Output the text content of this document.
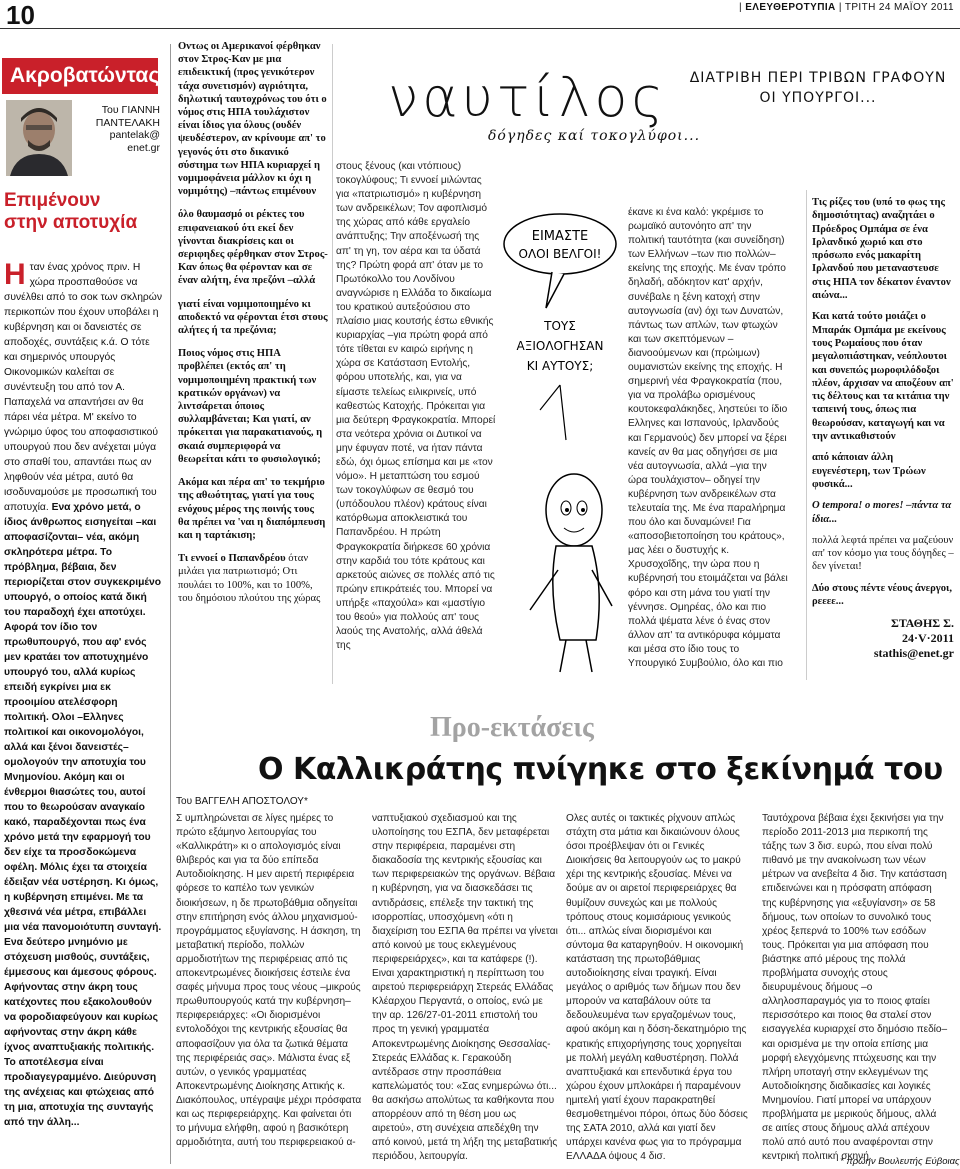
10	| ΕΛΕΥΘΕΡΟΤΥΠΙΑ | ΤΡΙΤΗ 24 ΜΑΪΟΥ 2011
Ακροβατώντας
Του ΓΙΑΝΝΗ
ΠΑΝΤΕΛΑΚΗ
pantelak@
enet.gr
Επιμένουν
στην αποτυχία
Ηταν ένας χρόνος πριν. Η χώρα προσπαθούσε να συνέλθει από το σοκ των σκληρών περικοπών που έχουν υποβάλει η κυβέρνηση και οι δανειστές σε αποδοχές, συντάξεις κ.ά. Ο τότε και σημερινός υπουργός Οικονομικών καλείται σε συνέντευξη του από τον Α. Παπαχελά να απαντήσει αν θα πάρει νέα μέτρα. Μ' εκείνο το γνώριμο ύφος του αποφασιστικού υπουργού που δεν ανέχεται μύγα στο σπαθί του, απαντάει πως αν ληφθούν νέα μέτρα, αυτό θα ισοδυναμούσε με προσωπική του αποτυχία. Ενα χρόνο μετά, ο ίδιος άνθρωπος εισηγείται –και αποφασίζονται– νέα, ακόμη σκληρότερα μέτρα. Το πρόβλημα, βέβαια, δεν περιορίζεται στον συγκεκριμένο υπουργό, ο οποίος κατά δική του παραδοχή έχει αποτύχει. Αφορά τον ίδιο τον πρωθυπουργό, που αφ' ενός μεν κρατάει τον αποτυχημένο υπουργό του, αλλά κυρίως επειδή εγκρίνει μια εκ προοιμίου ατελέσφορη πολιτική. Ολοι –Ελληνες πολιτικοί και οικονομολόγοι, αλλά και ξένοι δανειστές– ομολογούν την αποτυχία του Μνημονίου. Ακόμη και οι ένθερμοι θιασώτες του, αυτοί που το θεωρούσαν αναγκαίο κακό, παραδέχονται πως ένα χρόνο μετά την εφαρμογή του δεν είχε τα προσδοκώμενα οφέλη. Μόλις έχει τα στοιχεία έδειξαν νέα υστέρηση. Κι όμως, η κυβέρνηση επιμένει. Με τα χθεσινά νέα μέτρα, επιβάλλει μια νέα πανομοιότυπη συνταγή. Ενα δεύτερο μνημόνιο με στόχευση μισθούς, συντάξεις, έμμεσους και άμεσους φόρους. Αφήνοντας στην άκρη τους κατέχοντες που εξακολουθούν να φοροδιαφεύγουν και κυρίως αφήνοντας στην άκρη κάθε ίχνος αναπτυξιακής πολιτικής. Το αποτέλεσμα είναι προδιαγεγραμμένο. Διεύρυνση της ανέχειας και φτώχειας από τη μια, αποτυχία της συνταγής από την άλλη...

Οντως οι Αμερικανοί φέρθηκαν στον Στρος-Καν με μια επιδεικτική (προς γενικότερον τάχα συνετισμόν) αγριότητα, δηλωτική ταυτοχρόνως του ότι ο νόμος στις ΗΠΑ τουλάχιστον είναι ίδιος για όλους (ουδέν ψευδέστερον, αν κρίνουμε απ' το γεγονός ότι στο δικανικό σύστημα των ΗΠΑ κυριαρχεί η νομιμοφάνεια μάλλον κι όχι η νομιμότης) –πάντως επιμένουν

όλο θαυμασμό οι ρέκτες του επιφανειακού ότι εκεί δεν γίνονται διακρίσεις και οι σεριφηδες φέρθηκαν στον Στρος-Καν όπως θα φέρονταν και σε έναν αλήτη, ένα πρεζόνι –αλλά

γιατί είναι νομιμοποιημένο κι αποδεκτό να φέρονται έτσι στους αλήτες ή τα πρεζόνια;

Ποιος νόμος στις ΗΠΑ προβλέπει (εκτός απ' τη νομιμοποιημένη πρακτική των κρατικών οργάνων) να λιντσάρεται όποιος συλλαμβάνεται; Και γιατί, αν πρόκειται για παρακατιανούς, η σκαιά συμπεριφορά να θεωρείται κάτι το φυσιολογικό;

Ακόμα και πέρα απ' το τεκμήριο της αθωότητας, γιατί για τους ενόχους μέρος της ποινής τους θα πρέπει να 'ναι η διαπόμπευση και η ταρτάκιση;

Τι εννοεί ο Παπανδρέου όταν μιλάει για πατριωτισμό; Οτι πουλάει το 100%, και το 100%, του δημόσιου πλούτου της χώρας

ναυτίλος
δόγηδες καί τοκογλύφοι...
ΔΙΑΤΡΙΒΗ ΠΕΡΙ ΤΡΙΒΩΝ ΓΡΑΦΟΥΝ
ΟΙ ΥΠΟΥΡΓΟΙ...
στους ξένους (και ντόπιους) τοκογλύφους; Τι εννοεί μιλώντας για «πατριωτισμό» η κυβέρνηση των ανδρεικέλων; Τον αφοπλισμό της χώρας από κάθε εργαλείο ανάπτυξης; Την αποξένωσή της απ' τη γη, τον αέρα και τα ύδατά της? Πρώτη φορά απ' όταν με το Πρωτόκολλο του Λονδίνου αναγνώρισε η Ελλάδα το δικαίωμα του κρατικού αυτεξούσιου στο πλαίσιο μιας κουτσής έστω εθνικής κυριαρχίας –για πρώτη φορά από τότε τίθεται εν καιρώ ειρήνης η χώρα σε Κατάσταση Εντολής, φόρου υποτελής, και, για να είμαστε τελείως ειλικρινείς, υπό καθεστώς Κατοχής. Πρόκειται για μια δεύτερη Φραγκοκρατία. Μπορεί στα νεότερα χρόνια οι Δυτικοί να μην έφυγαν ποτέ, να ήταν πάντα εδώ, όχι όμως επίσημα και με «τον νόμο». Η μεταπτώση του εσμού των τοκογλύφων σε θεσμό του (υπόδουλου πλέον) κράτους είναι κατόρθωμα αποκλειστικά του Παπανδρέου. Η πρώτη Φραγκοκρατία διήρκεσε 60 χρόνια στην καρδιά του τότε κράτους και αρκετούς αιώνες σε πολλές από τις πρώην επικράτειές του. Μπορεί να υπήρξε «παχούλα» και «μαστίγιο του θεού» για πολλούς απ' τους λαούς της Ανατολής, αλλά άθελά της
ΕΙΜΑΣΤΕ
ΟΛΟΙ ΒΕΛΓΟΙ!
ΤΟΥΣ
ΑΞΙΟΛΟΓΗΣΑΝ
ΚΙ ΑΥΤΟΥΣ;
έκανε κι ένα καλό: γκρέμισε το ρωμαϊκό αυτονόητο απ' την πολιτική ταυτότητα (και συνείδηση) των Ελλήνων –των πιο πολλών– εκείνης της εποχής. Με έναν τρόπο δηλαδή, αδόκητον κατ' αρχήν, συνέβαλε η ξένη κατοχή στην αυτογνωσία (αν) όχι των Δυνατών, πάντως των απλών, των φτωχών και των σκεπτόμενων –διανοούμενων και (πρώιμων) ουμανιστών εκείνης της εποχής. Η σημερινή νέα Φραγκοκρατία (που, για να προλάβω ορισμένους κουτοκεφαλάκηδες, ληστεύει το ίδιο Ελληνες και Ισπανούς, Ιρλανδούς και Γερμανούς) δεν μπορεί να ξέρει κανείς αν θα μας οδηγήσει σε μια νέα αυτογνωσία, αλλά –για την ώρα τουλάχιστον– οδηγεί την κυβέρνηση των ανδρεικέλων στα τελευταία της. Με ένα παραλήρημα που όλο και δυναμώνει! Για «αποσοβιετοποίηση του κράτους», μας λέει ο δυστυχής κ. Χρυσοχοΐδης, την ώρα που η κυβέρνησή του ετοιμάζεται να βάλει φόρο και στη μάνα του γιατί την γέννησε. Ομηρέας, όλο και πιο πολλά ψέματα λένε ό ένας στον άλλον απ' τα αντικόρυφα κόμματα και μέσα στο ίδιο τους το Υπουργικό Συμβούλιο, όλο και πιο

Τις ρίζες του (υπό το φως της δημοσιότητας) αναζητάει ο Πρόεδρος Ομπάμα σε ένα Ιρλανδικό χωριό και στο πρόσωπο ενός μακαρίτη Ιρλανδού που μεταναστευσε στις ΗΠΑ τον δέκατον έναντον αιώνα...

Και κατά τούτο μοιάζει ο Μπαράκ Ομπάμα με εκείνους τους Ρωμαίους που όταν μεγαλοπιάστηκαν, νεόπλουτοι και συνεπώς μωροφιλόδοξοι πλέον, άρχισαν να αποζέουν απ' τις δέλτους και τα κιτάπια την ταπεινή τους, όπως πια θεωρούσαν, καταγωγή και να την αντικαθιστούν

από κάποιαν άλλη ευγενέστερη, των Τρώων φυσικά...

O tempora! o mores! –πάντα τα ίδια...

πολλά λεφτά πρέπει να μαζεύουν απ' τον κόσμο για τους δόγηδες –δεν γίνεται!

Δύο στους πέντε νέους άνεργοι, ρεεεε...

ΣΤΑΘΗΣ Σ.
24·V·2011
stathis@enet.gr
Προ-εκτάσεις
Ο Καλλικράτης πνίγηκε στο ξεκίνημά του
Του ΒΑΓΓΕΛΗ ΑΠΟΣΤΟΛΟΥ*
Σ υμπληρώνεται σε λίγες ημέρες το πρώτο εξάμηνο λειτουργίας του «Καλλικράτη» κι ο απολογισμός είναι θλιβερός και για τα δύο επίπεδα Αυτοδιοίκησης. Η μεν αιρετή περιφέρεια φόρεσε το καπέλο των γενικών διοικήσεων, η δε πρωτοβάθμια οδηγείται στην επιτήρηση ενός άλλου μηχανισμού- προγράμματος εξυγίανσης. Η άσκηση, τη μεταβατική περίοδο, πολλών αρμοδιοτήτων της περιφέρειας από τις αποκεντρωμένες διοικήσεις έστειλε ένα σαφές μήνυμα προς τους νέους –μικρούς πρωθυπουργούς κατά την κυβέρνηση– περιφερειάρχες: «Οι διορισμένοι εντολοδόχοι της κεντρικής εξουσίας θα αποφασίζουν για όλα τα ζωτικά θέματα της περιφέρειάς σας». Μάλιστα ένας εξ αυτών, ο γενικός γραμματέας Αποκεντρωμένης Διοίκησης Αττικής κ. Διακόπουλος, υπέγραψε μέχρι πρόσφατα και ως περιφερειάρχης. Και φαίνεται ότι το μήνυμα ελήφθη, αφού η βασικότερη αρμοδιότητα, αυτή του περιφερειακού α-
ναπτυξιακού σχεδιασμού και της υλοποίησης του ΕΣΠΑ, δεν μεταφέρεται στην περιφέρεια, παραμένει στη διακαδοσία της κεντρικής εξουσίας και των περιφερειακών της οργάνων. Βέβαια η κυβέρνηση, για να διασκεδάσει τις αντιδράσεις, επέλεξε την τακτική της ισορροπίας, υποσχόμενη «ότι η διαχείριση του ΕΣΠΑ θα πρέπει να γίνεται από κοινού με τους εκλεγμένους περιφερειάρχες», και τα κατάφερε (!). Ειναι χαρακτηριστική η περίπτωση του αιρετού περιφερειάρχη Στερεάς Ελλάδας Κλέαρχου Περγαντά, ο οποίος, ενώ με την αρ. 126/27-01-2011 επιστολή του προς τη γενική γραμματέα Αποκεντρωμένης Διοίκησης Θεσσαλίας-Στερεάς Ελλάδας κ. Γερακούδη αντέδρασε στην προσπάθεια καπελώματός του: «Σας ενημερώνω ότι... θα ασκήσω απολύτως τα καθήκοντα που απορρέουν από τη θέση μου ως αιρετού», στη συνέχεια απεδέχθη την από κοινού, μετά τη λήξη της μεταβατικής περιόδου, λειτουργία.
Ολες αυτές οι τακτικές ρίχνουν απλώς στάχτη στα μάτια και δικαιώνουν όλους όσοι προέβλεψαν ότι οι Γενικές Διοικήσεις θα λειτουργούν ως το μακρύ χέρι της κεντρικής εξουσίας. Μένει να δούμε αν οι αιρετοί περιφερειάρχες θα θυμίζουν συνεχώς και με πολλούς τρόπους στους κομισάριους γενικούς ότι... απλώς είναι διορισμένοι και σύντομα θα καταργηθούν. Η οικονομική κατάσταση της πρωτοβάθμιας αυτοδιοίκησης είναι τραγική. Είναι μεγάλος ο αριθμός των δήμων που δεν μπορούν να καταβάλουν ούτε τα δεδουλευμένα των εργαζομένων τους, αφού ακόμη και η δόση-δεκατημόριο της κρατικής επιχορήγησης τους χορηγείται με πολλή μεγάλη καθυστέρηση. Πολλά αναπτυξιακά και επενδυτικά έργα του χώρου έχουν μπλοκάρει ή παραμένουν ημιτελή γιατί έχουν παρακρατηθεί θεσμοθετημένοι πόροι, όπως δύο δόσεις της ΣΑΤΑ 2010, αλλά και γιατί δεν υπάρχει κανένα φως για το πρόγραμμα ΕΛΛΑΔΑ όψους 4 δισ.
Ταυτόχρονα βέβαια έχει ξεκινήσει για την περίοδο 2011-2013 μια περικοπή της τάξης των 3 δισ. ευρώ, που είναι πολύ πιθανό με την ανακοίνωση των νέων μέτρων να ανεβείτα 4 δισ. Την κατάσταση επιδεινώνει και η πρόσφατη απόφαση της κυβέρνησης για «εξυγίανση» σε 58 δήμους, των οποίων το συνολικό τους χρέος ξεπερνά το 100% των εσόδων τους. Πρόκειται για μια απόφαση που βιάστηκε από μέρους της πολλά προβλήματα συνοχής στους διευρυμένους δήμους –ο αλληλοσπαραγμός για το ποιος φταίει περισσότερο και ποιος θα σταλεί στον εισαγγελέα κυριαρχεί στο δημόσιο πεδίο– και ορισμένα με την οποία επίσης μια μορφή ελεγχόμενης πτώχευσης και την πλήρη υποταγή στην εκλεγμένων της Αυτοδιοίκησης διαδικασίες και λογικές Μνημονίου. Γιατί μπορεί να υπάρχουν προβλήματα με μερικούς δήμους, αλλά σε αιτίες στους δήμους αλλά απέχουν πολύ από αυτό που αναφέρονται στην κεντρική πολιτική σκηνή.
* πρώην Βουλευτής Εύβοιας
